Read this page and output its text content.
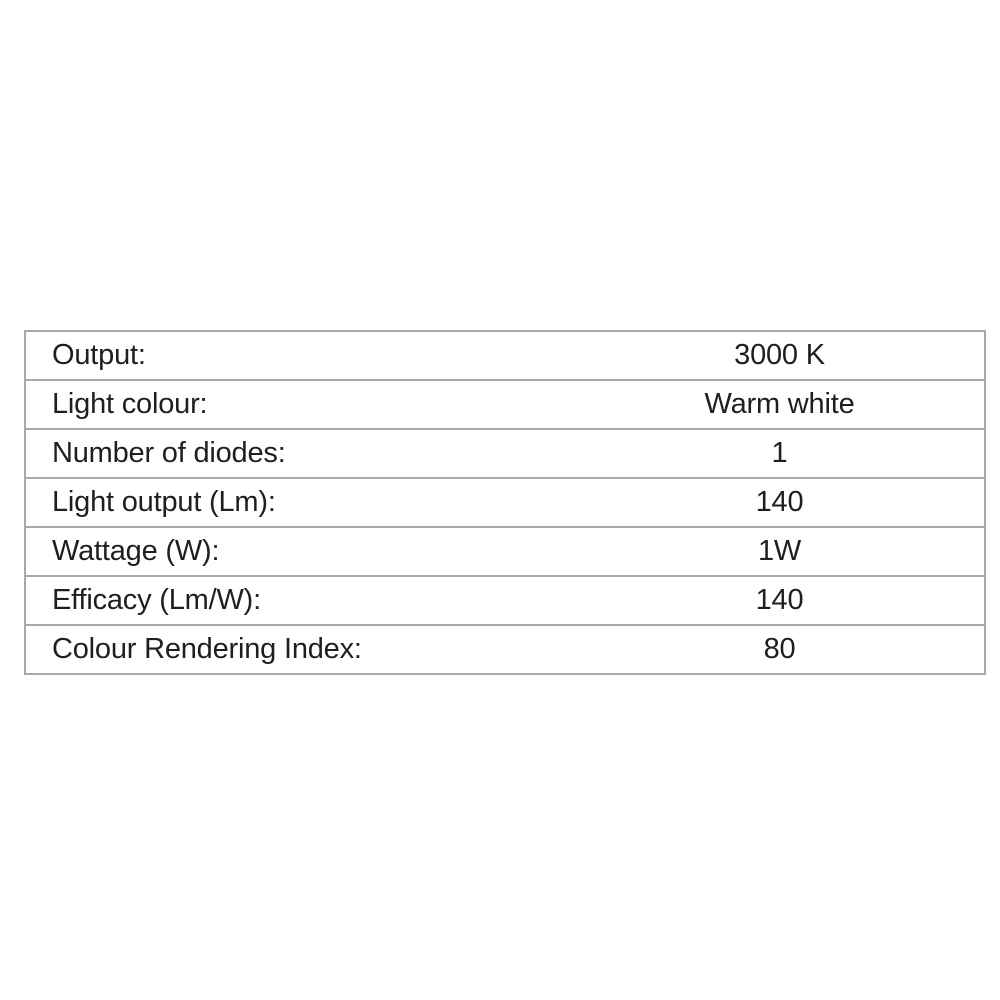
Output:	3000 K
Light colour:	Warm white
Number of diodes:	1
Light output (Lm):	140
Wattage (W):	1W
Efficacy (Lm/W):	140
Colour Rendering Index:	80
